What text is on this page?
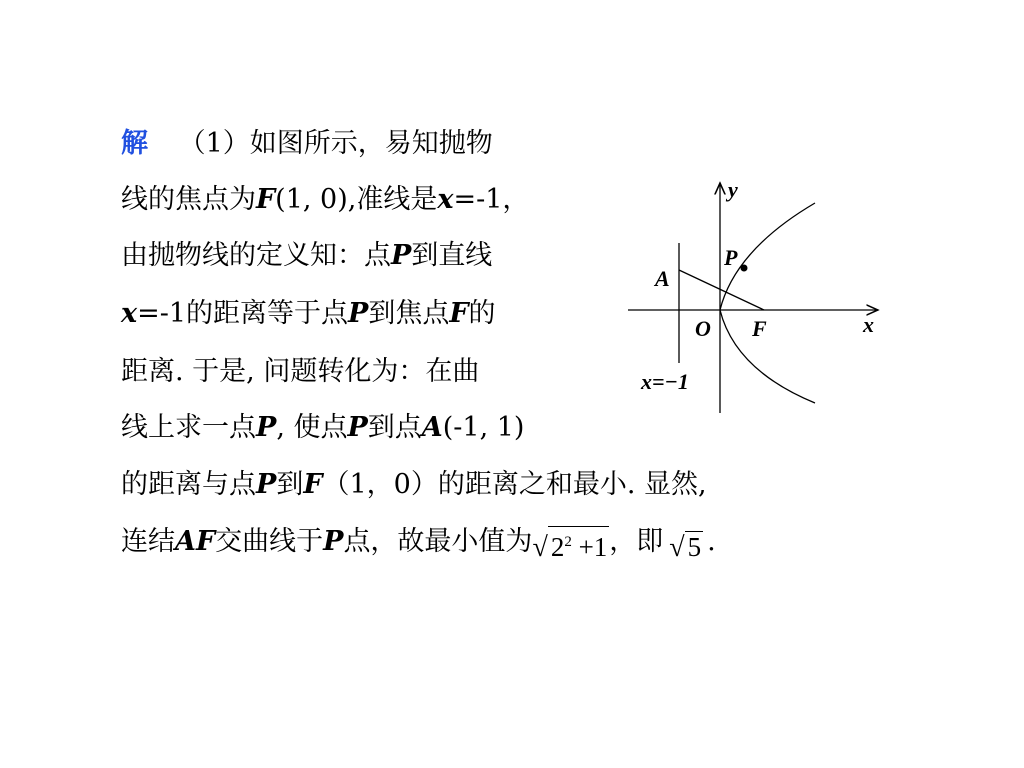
解 （1）如图所示，易知抛物
线的焦点为F(1, 0),准线是x=-1，
由抛物线的定义知：点P到直线
x=-1的距离等于点P到焦点F的
距离. 于是, 问题转化为：在曲
线上求一点P, 使点P到点A(-1, 1)
的距离与点P到F（1，0）的距离之和最小. 显然,
连结AF交曲线于P点，故最小值为√ $2^2 +1$，即 √ 5 .
y
x
O F
P
A
x=−1
